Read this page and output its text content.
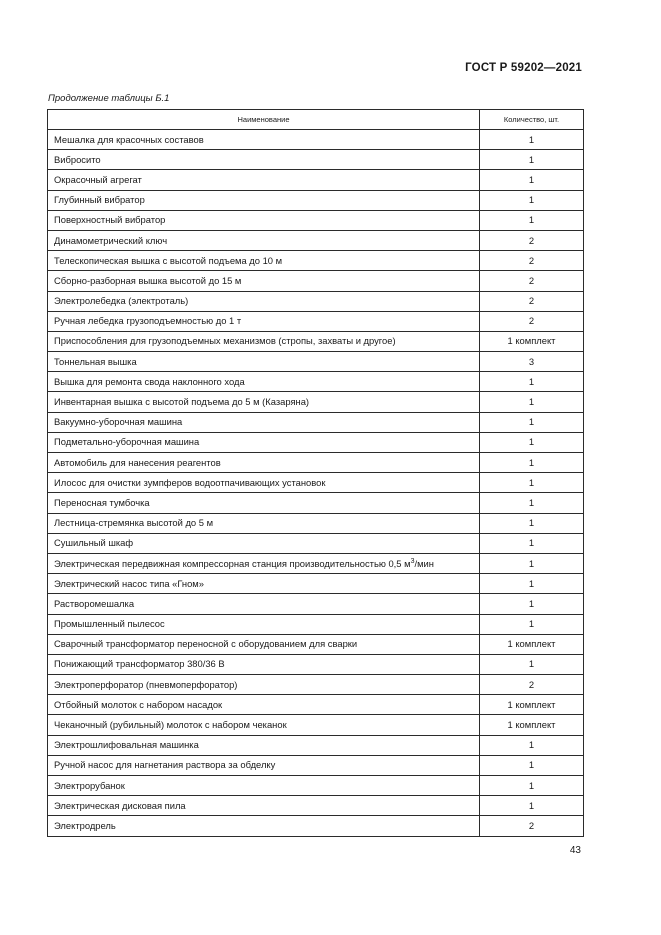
ГОСТ Р 59202—2021
Продолжение таблицы Б.1
Наименование	Количество, шт.
Мешалка для красочных составов	1
Вибросито	1
Окрасочный агрегат	1
Глубинный вибратор	1
Поверхностный вибратор	1
Динамометрический ключ	2
Телескопическая вышка с высотой подъема до 10 м	2
Сборно-разборная вышка высотой до 15 м	2
Электролебедка (электроталь)	2
Ручная лебедка грузоподъемностью до 1 т	2
Приспособления для грузоподъемных механизмов (стропы, захваты и другое)	1 комплект
Тоннельная вышка	3
Вышка для ремонта свода наклонного хода	1
Инвентарная вышка с высотой подъема до 5 м (Казаряна)	1
Вакуумно-уборочная машина	1
Подметально-уборочная машина	1
Автомобиль для нанесения реагентов	1
Илосос для очистки зумпферов водоотпачивающих установок	1
Переносная тумбочка	1
Лестница-стремянка высотой до 5 м	1
Сушильный шкаф	1
Электрическая передвижная компрессорная станция производительностью 0,5 $м^3$/мин	1
Электрический насос типа «Гном»	1
Растворомешалка	1
Промышленный пылесос	1
Сварочный трансформатор переносной с оборудованием для сварки	1 комплект
Понижающий трансформатор 380/36 В	1
Электроперфоратор (пневмоперфоратор)	2
Отбойный молоток с набором насадок	1 комплект
Чеканочный (рубильный) молоток с набором чеканок	1 комплект
Электрошлифовальная машинка	1
Ручной насос для нагнетания раствора за обделку	1
Электрорубанок	1
Электрическая дисковая пила	1
Электродрель	2
43
